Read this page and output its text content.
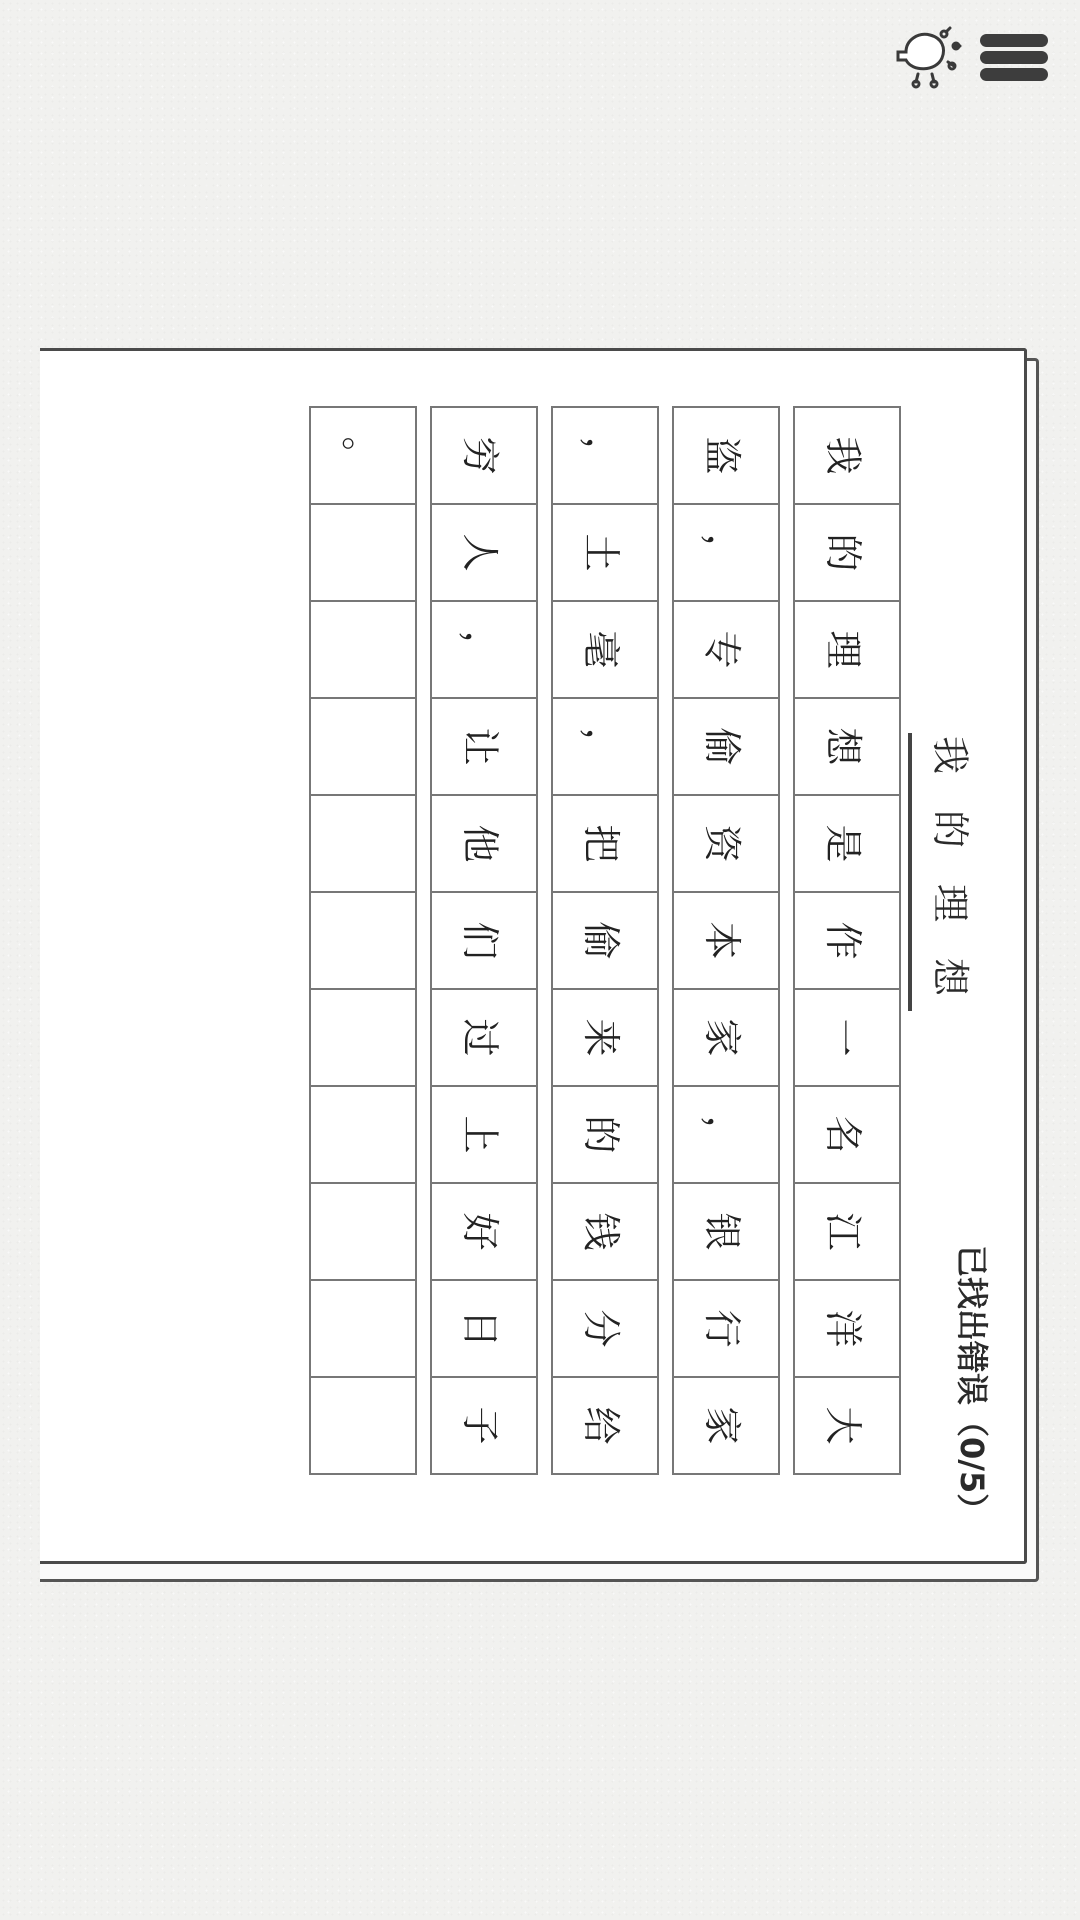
我
的
理
想
已找出错误（0/5）
我
的
理
想
是
作
一
名
江
洋
大
盗
，
专
偷
资
本
家
，
银
行
家
，
土
毫
，
把
偷
来
的
钱
分
给
穷
人
，
让
他
们
过
上
好
日
子
。
